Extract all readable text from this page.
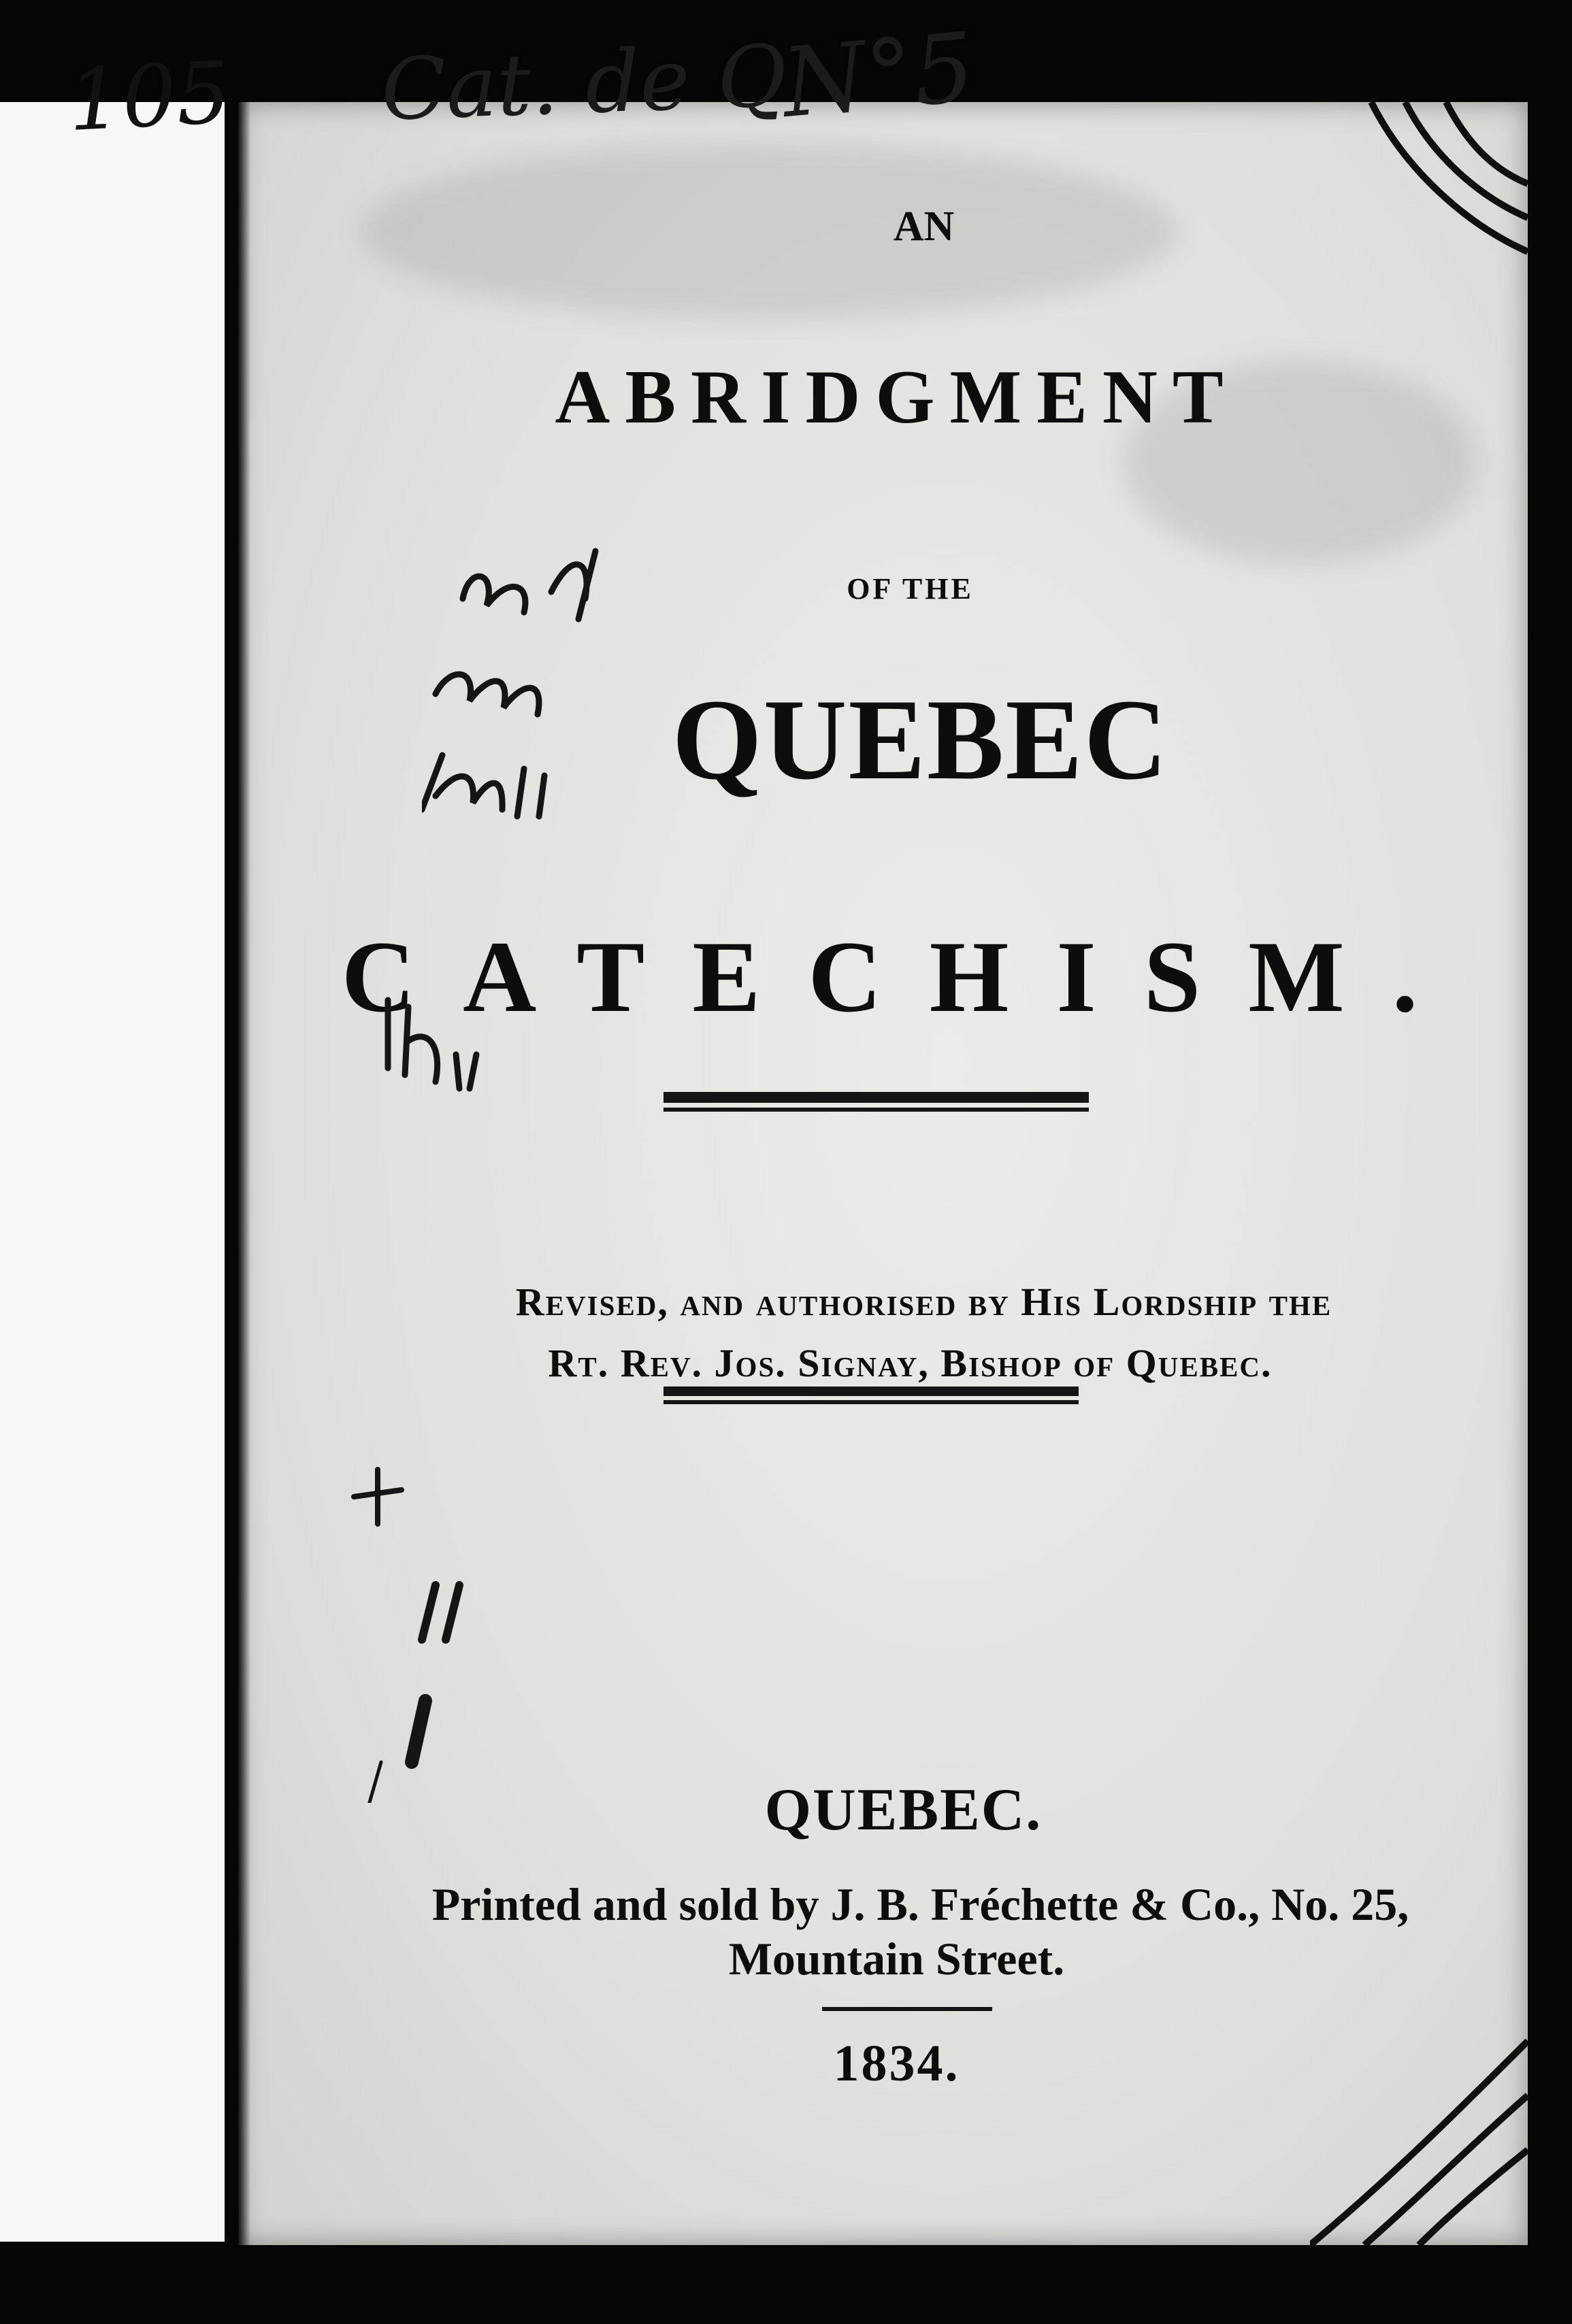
AN

ABRIDGMENT

OF THE

QUEBEC

CATECHISM.

Revised, and authorised by His Lordship the

Rt. Rev. Jos. Signay, Bishop of Quebec.

QUEBEC.

Printed and sold by J. B. Fréchette & Co., No. 25,

Mountain Street.

1834.

105 Cat. de Q
N°5
